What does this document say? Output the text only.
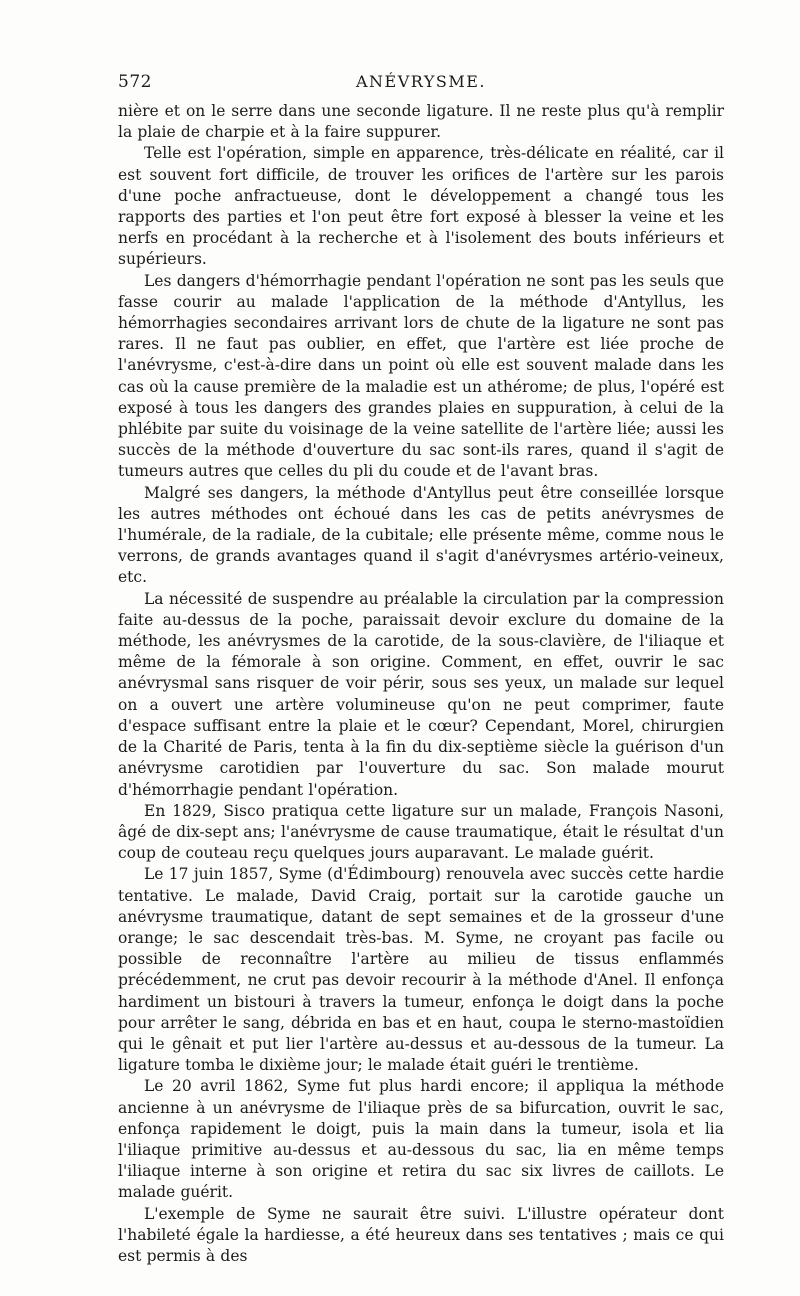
572	ANÉVRYSME.

nière et on le serre dans une seconde ligature. Il ne reste plus qu'à remplir la plaie de charpie et à la faire suppurer.

Telle est l'opération, simple en apparence, très-délicate en réalité, car il est souvent fort difficile, de trouver les orifices de l'artère sur les parois d'une poche anfractueuse, dont le développement a changé tous les rapports des parties et l'on peut être fort exposé à blesser la veine et les nerfs en procédant à la recherche et à l'isolement des bouts inférieurs et supérieurs.

Les dangers d'hémorrhagie pendant l'opération ne sont pas les seuls que fasse courir au malade l'application de la méthode d'Antyllus, les hémorrhagies secondaires arrivant lors de chute de la ligature ne sont pas rares. Il ne faut pas oublier, en effet, que l'artère est liée proche de l'anévrysme, c'est-à-dire dans un point où elle est souvent malade dans les cas où la cause première de la maladie est un athérome; de plus, l'opéré est exposé à tous les dangers des grandes plaies en suppuration, à celui de la phlébite par suite du voisinage de la veine satellite de l'artère liée; aussi les succès de la méthode d'ouverture du sac sont-ils rares, quand il s'agit de tumeurs autres que celles du pli du coude et de l'avant bras.

Malgré ses dangers, la méthode d'Antyllus peut être conseillée lorsque les autres méthodes ont échoué dans les cas de petits anévrysmes de l'humérale, de la radiale, de la cubitale; elle présente même, comme nous le verrons, de grands avantages quand il s'agit d'anévrysmes artério-veineux, etc.

La nécessité de suspendre au préalable la circulation par la compression faite au-dessus de la poche, paraissait devoir exclure du domaine de la méthode, les anévrysmes de la carotide, de la sous-clavière, de l'iliaque et même de la fémorale à son origine. Comment, en effet, ouvrir le sac anévrysmal sans risquer de voir périr, sous ses yeux, un malade sur lequel on a ouvert une artère volumineuse qu'on ne peut comprimer, faute d'espace suffisant entre la plaie et le cœur? Cependant, Morel, chirurgien de la Charité de Paris, tenta à la fin du dix-septième siècle la guérison d'un anévrysme carotidien par l'ouverture du sac. Son malade mourut d'hémorrhagie pendant l'opération.

En 1829, Sisco pratiqua cette ligature sur un malade, François Nasoni, âgé de dix-sept ans; l'anévrysme de cause traumatique, était le résultat d'un coup de couteau reçu quelques jours auparavant. Le malade guérit.

Le 17 juin 1857, Syme (d'Édimbourg) renouvela avec succès cette hardie tentative. Le malade, David Craig, portait sur la carotide gauche un anévrysme traumatique, datant de sept semaines et de la grosseur d'une orange; le sac descendait très-bas. M. Syme, ne croyant pas facile ou possible de reconnaître l'artère au milieu de tissus enflammés précédemment, ne crut pas devoir recourir à la méthode d'Anel. Il enfonça hardiment un bistouri à travers la tumeur, enfonça le doigt dans la poche pour arrêter le sang, débrida en bas et en haut, coupa le sterno-mastoïdien qui le gênait et put lier l'artère au-dessus et au-dessous de la tumeur. La ligature tomba le dixième jour; le malade était guéri le trentième.

Le 20 avril 1862, Syme fut plus hardi encore; il appliqua la méthode ancienne à un anévrysme de l'iliaque près de sa bifurcation, ouvrit le sac, enfonça rapidement le doigt, puis la main dans la tumeur, isola et lia l'iliaque primitive au-dessus et au-dessous du sac, lia en même temps l'iliaque interne à son origine et retira du sac six livres de caillots. Le malade guérit.

L'exemple de Syme ne saurait être suivi. L'illustre opérateur dont l'habileté égale la hardiesse, a été heureux dans ses tentatives ; mais ce qui est permis à des
